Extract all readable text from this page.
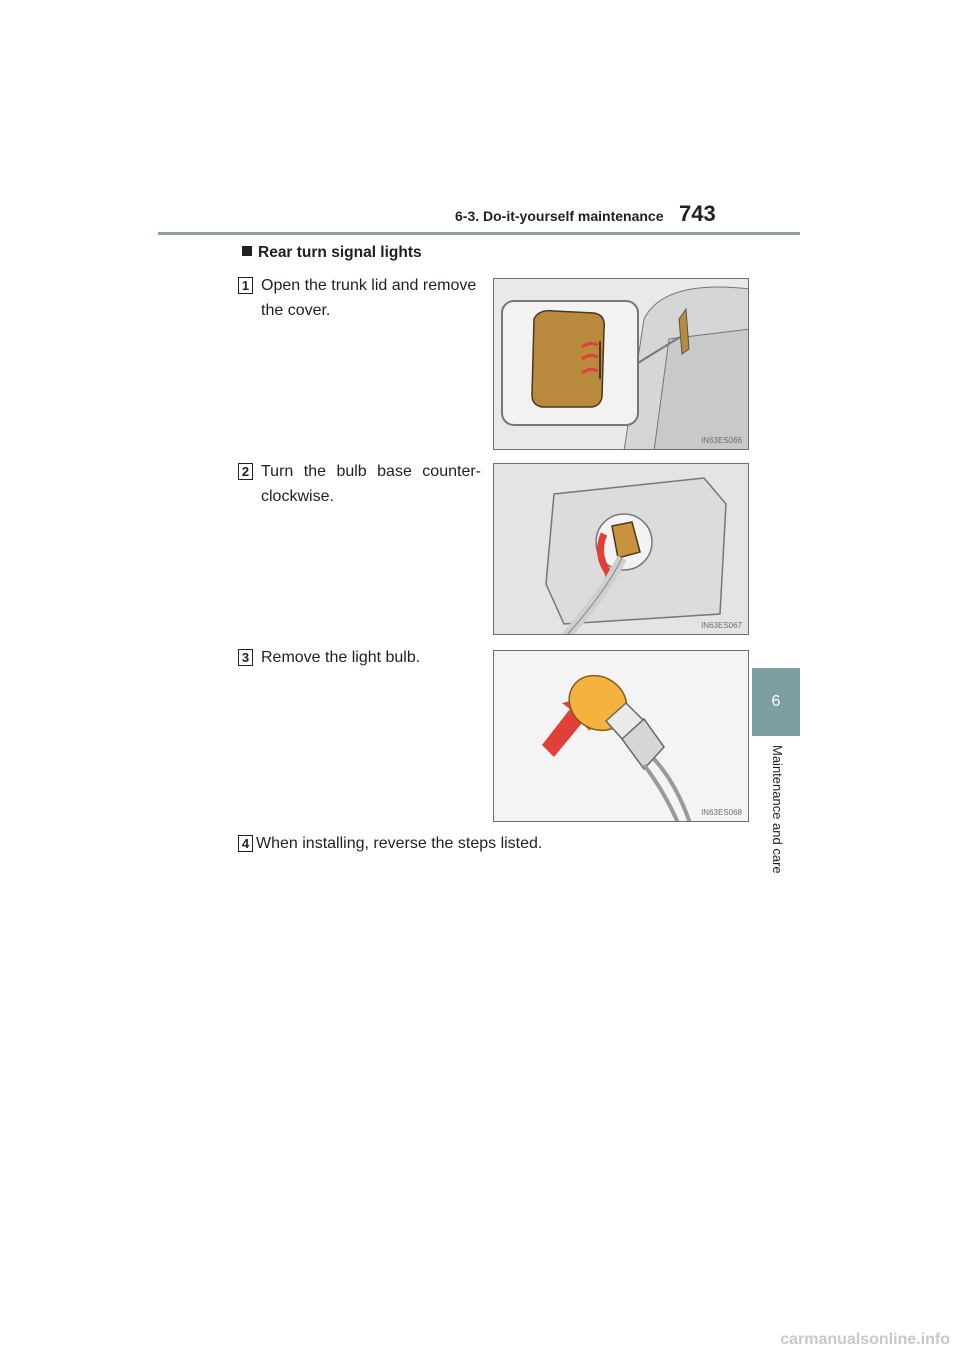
6-3. Do-it-yourself maintenance 743
6
Maintenance and care
Rear turn signal lights
1 Open the trunk lid and remove the cover.
IN63ES066
2 Turn the bulb base counter-clockwise.
IN63ES067
3 Remove the light bulb.
IN63ES068
4 When installing, reverse the steps listed.
carmanualsonline.info
